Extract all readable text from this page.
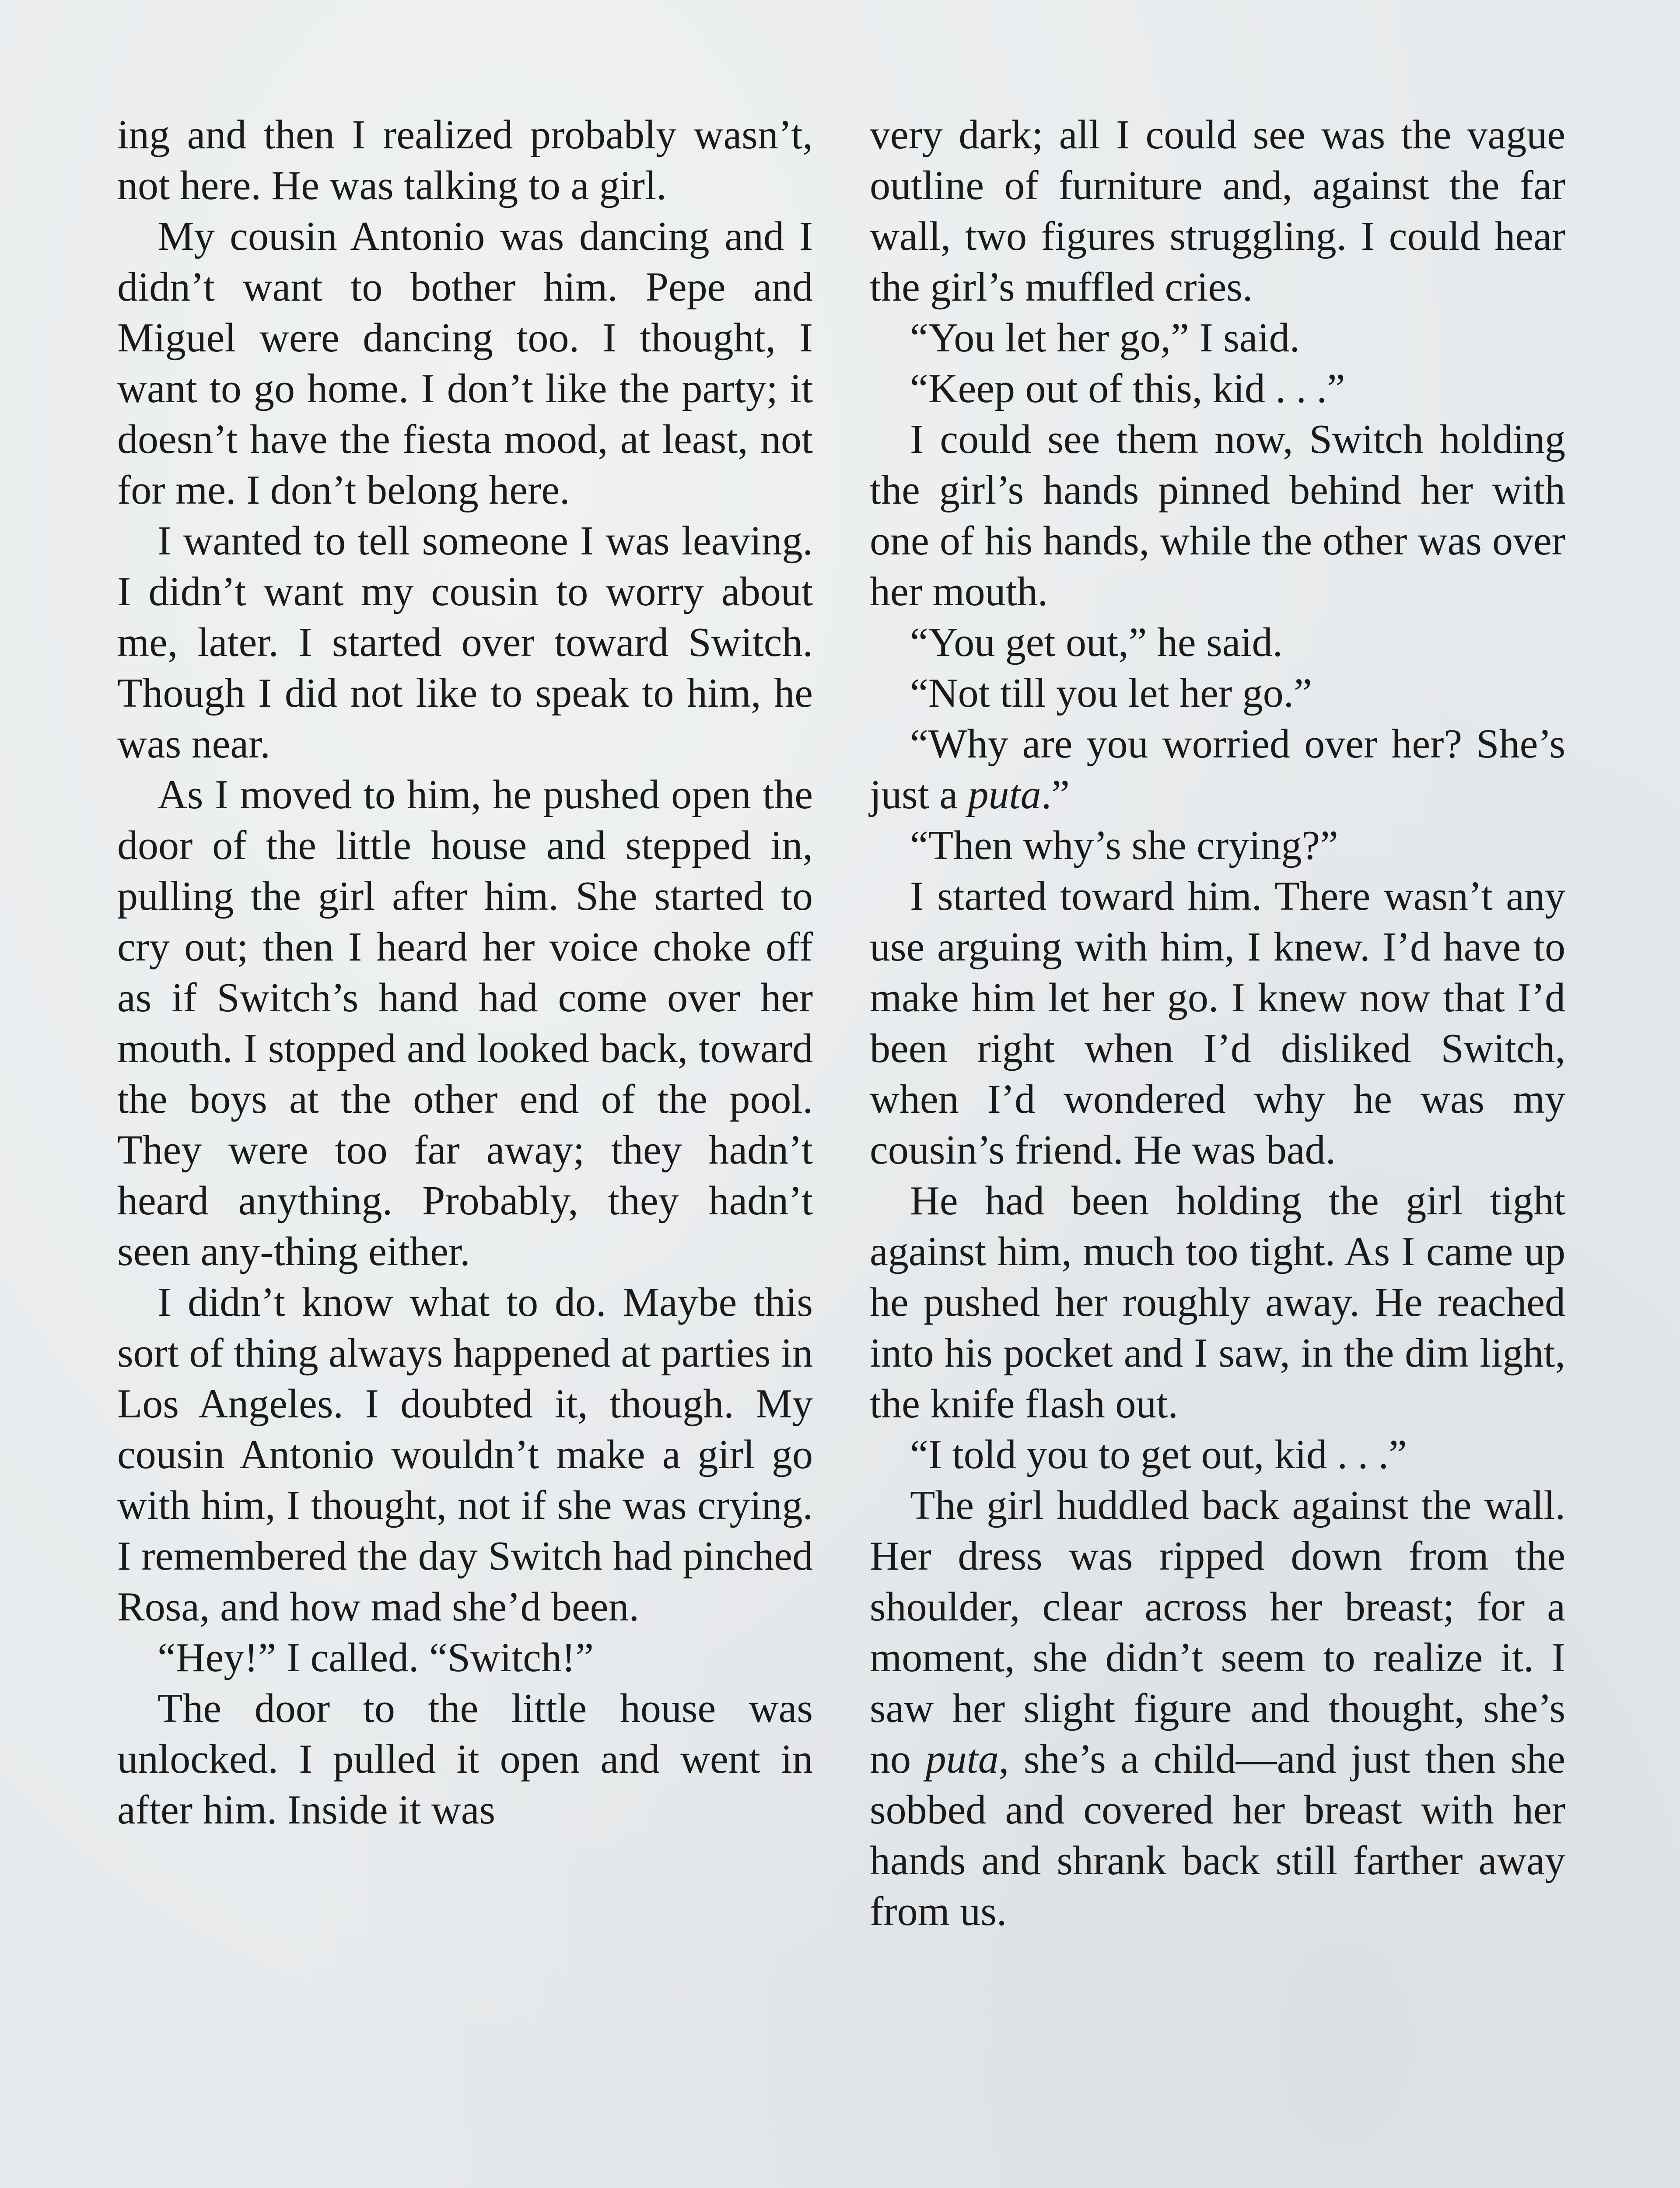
ing and then I realized probably wasn’t, not here. He was talking to a girl.

My cousin Antonio was dancing and I didn’t want to bother him. Pepe and Miguel were dancing too. I thought, I want to go home. I don’t like the party; it doesn’t have the fiesta mood, at least, not for me. I don’t belong here.

I wanted to tell someone I was leaving. I didn’t want my cousin to worry about me, later. I started over toward Switch. Though I did not like to speak to him, he was near.

As I moved to him, he pushed open the door of the little house and stepped in, pulling the girl after him. She started to cry out; then I heard her voice choke off as if Switch’s hand had come over her mouth. I stopped and looked back, toward the boys at the other end of the pool. They were too far away; they hadn’t heard anything. Probably, they hadn’t seen any-thing either.

I didn’t know what to do. Maybe this sort of thing always happened at parties in Los Angeles. I doubted it, though. My cousin Antonio wouldn’t make a girl go with him, I thought, not if she was crying. I remembered the day Switch had pinched Rosa, and how mad she’d been.

“Hey!” I called. “Switch!”

The door to the little house was unlocked. I pulled it open and went in after him. Inside it was

very dark; all I could see was the vague outline of furniture and, against the far wall, two figures struggling. I could hear the girl’s muffled cries.

“You let her go,” I said.

“Keep out of this, kid . . .”

I could see them now, Switch holding the girl’s hands pinned behind her with one of his hands, while the other was over her mouth.

“You get out,” he said.

“Not till you let her go.”

“Why are you worried over her? She’s just a puta.”

“Then why’s she crying?”

I started toward him. There wasn’t any use arguing with him, I knew. I’d have to make him let her go. I knew now that I’d been right when I’d disliked Switch, when I’d wondered why he was my cousin’s friend. He was bad.

He had been holding the girl tight against him, much too tight. As I came up he pushed her roughly away. He reached into his pocket and I saw, in the dim light, the knife flash out.

“I told you to get out, kid . . .”

The girl huddled back against the wall. Her dress was ripped down from the shoulder, clear across her breast; for a moment, she didn’t seem to realize it. I saw her slight figure and thought, she’s no puta, she’s a child—and just then she sobbed and covered her breast with her hands and shrank back still farther away from us.
